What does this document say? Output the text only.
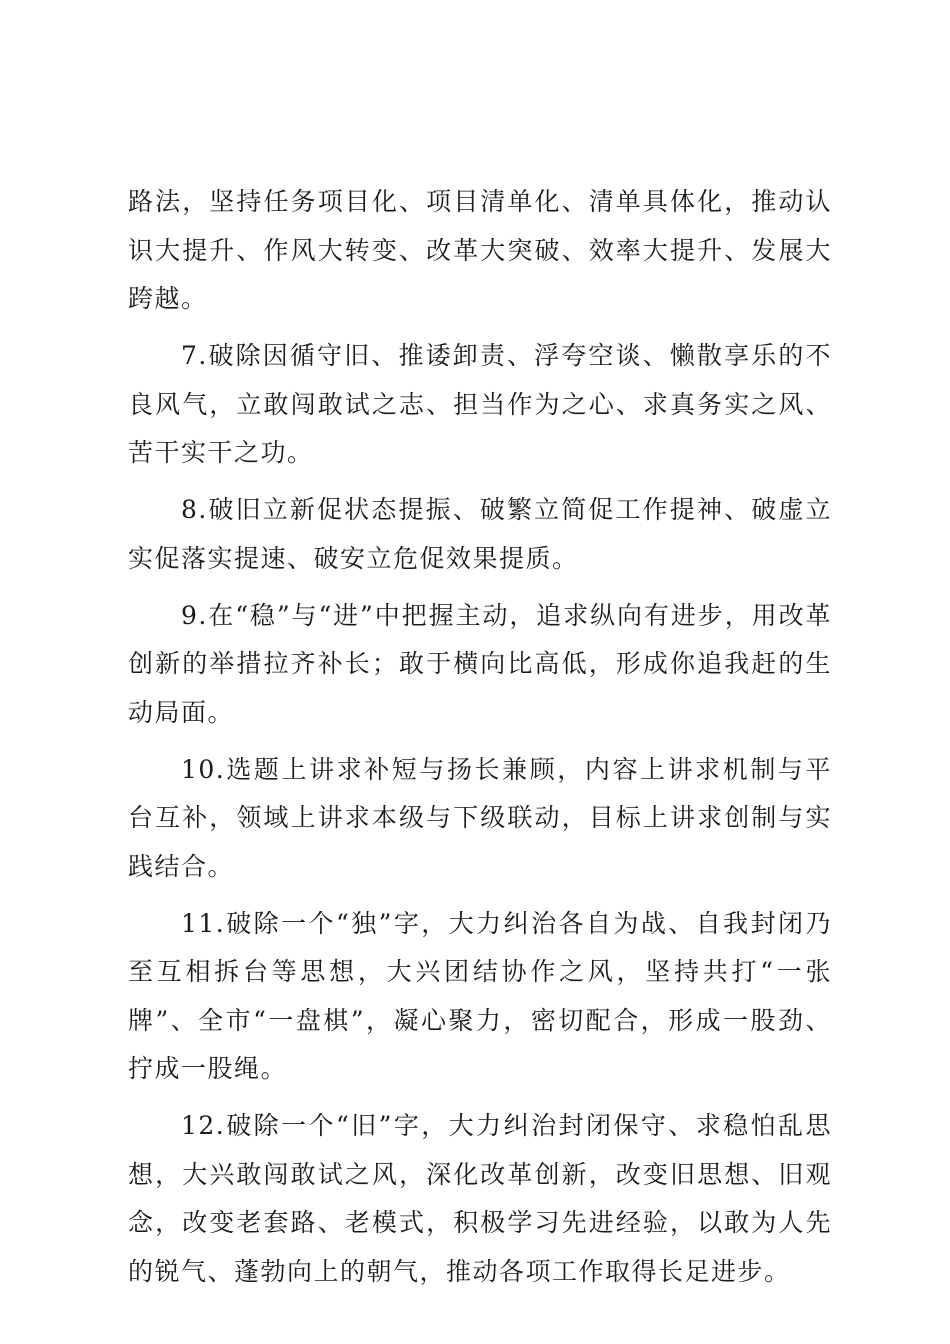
路法，坚持任务项目化、项目清单化、清单具体化，推动认识大提升、作风大转变、改革大突破、效率大提升、发展大跨越。

7.破除因循守旧、推诿卸责、浮夸空谈、懒散享乐的不良风气，立敢闯敢试之志、担当作为之心、求真务实之风、苦干实干之功。

8.破旧立新促状态提振、破繁立简促工作提神、破虚立实促落实提速、破安立危促效果提质。

9.在“稳”与“进”中把握主动，追求纵向有进步，用改革创新的举措拉齐补长；敢于横向比高低，形成你追我赶的生动局面。

10.选题上讲求补短与扬长兼顾，内容上讲求机制与平台互补，领域上讲求本级与下级联动，目标上讲求创制与实践结合。

11.破除一个“独”字，大力纠治各自为战、自我封闭乃至互相拆台等思想，大兴团结协作之风，坚持共打“一张牌”、全市“一盘棋”，凝心聚力，密切配合，形成一股劲、拧成一股绳。

12.破除一个“旧”字，大力纠治封闭保守、求稳怕乱思想，大兴敢闯敢试之风，深化改革创新，改变旧思想、旧观念，改变老套路、老模式，积极学习先进经验，以敢为人先的锐气、蓬勃向上的朝气，推动各项工作取得长足进步。
